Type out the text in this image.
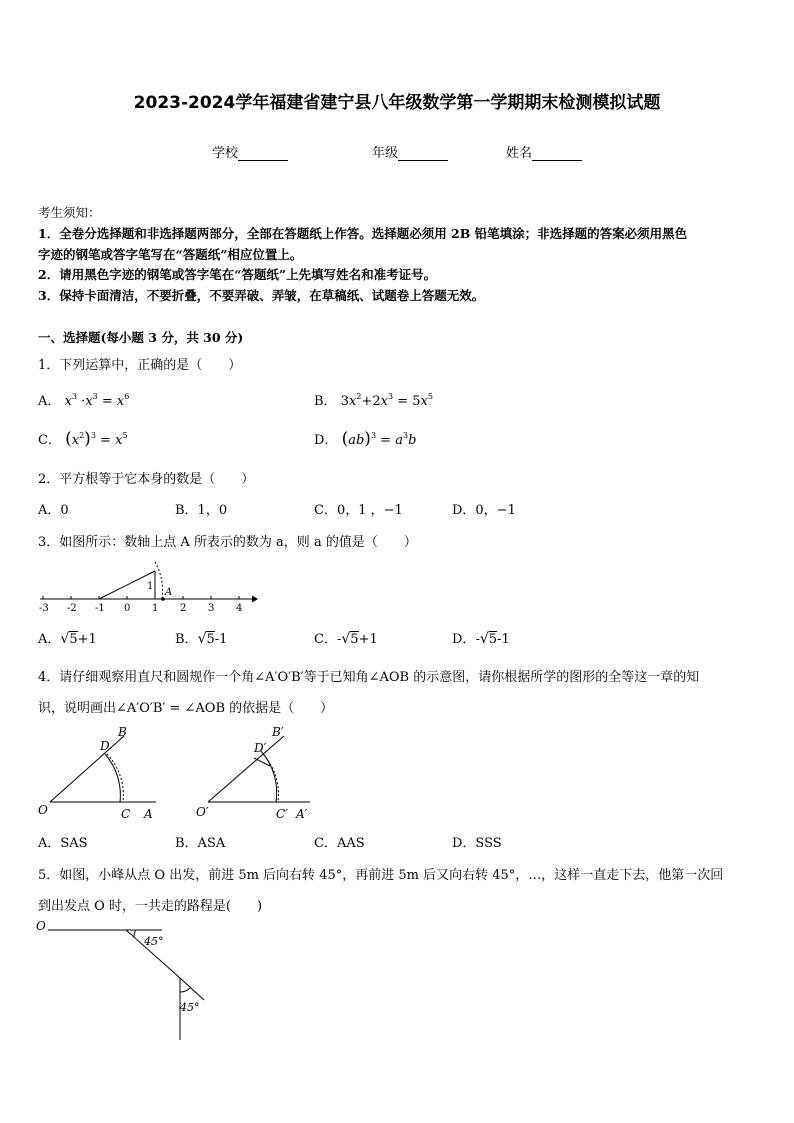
2023-2024学年福建省建宁县八年级数学第一学期期末检测模拟试题
学校	年级	姓名
考生须知：
1．全卷分选择题和非选择题两部分，全部在答题纸上作答。选择题必须用 2B 铅笔填涂；非选择题的答案必须用黑色
字迹的钢笔或答字笔写在“答题纸”相应位置上。
2．请用黑色字迹的钢笔或答字笔在“答题纸”上先填写姓名和准考证号。
3．保持卡面清洁，不要折叠，不要弄破、弄皱，在草稿纸、试题卷上答题无效。
一、选择题(每小题 3 分，共 30 分)
1．下列运算中，正确的是（　　）
A． $x^3 \cdot x^3 = x^6$	B． $3x^2+2x^3 = 5x^5$
C． $(x^2)^3 = x^5$	D． $(ab)^3 = a^3b$
2．平方根等于它本身的数是（　　）
A．0	B．1，0	C．0，1 ，−1	D．0，−1
3．如图所示：数轴上点 A 所表示的数为 a，则 a 的值是（　　）
-3 -2 -1 0 1 2 3 4
1
A
A．√5+1	B．√5-1	C．-√5+1	D．-√5-1
4．请仔细观察用直尺和圆规作一个角∠A′O′B′等于已知角∠AOB 的示意图，请你根据所学的图形的全等这一章的知
识，说明画出∠A′O′B′ = ∠AOB 的依据是（　　）
O	C A
D
B
O′	C′ A′
D′
B′
A．SAS	B．ASA	C．AAS	D．SSS
5．如图，小峰从点 O 出发，前进 5m 后向右转 45°，再前进 5m 后又向右转 45°，…，这样一直走下去，他第一次回
到出发点 O 时，一共走的路程是(　　)
O
45°
45°
